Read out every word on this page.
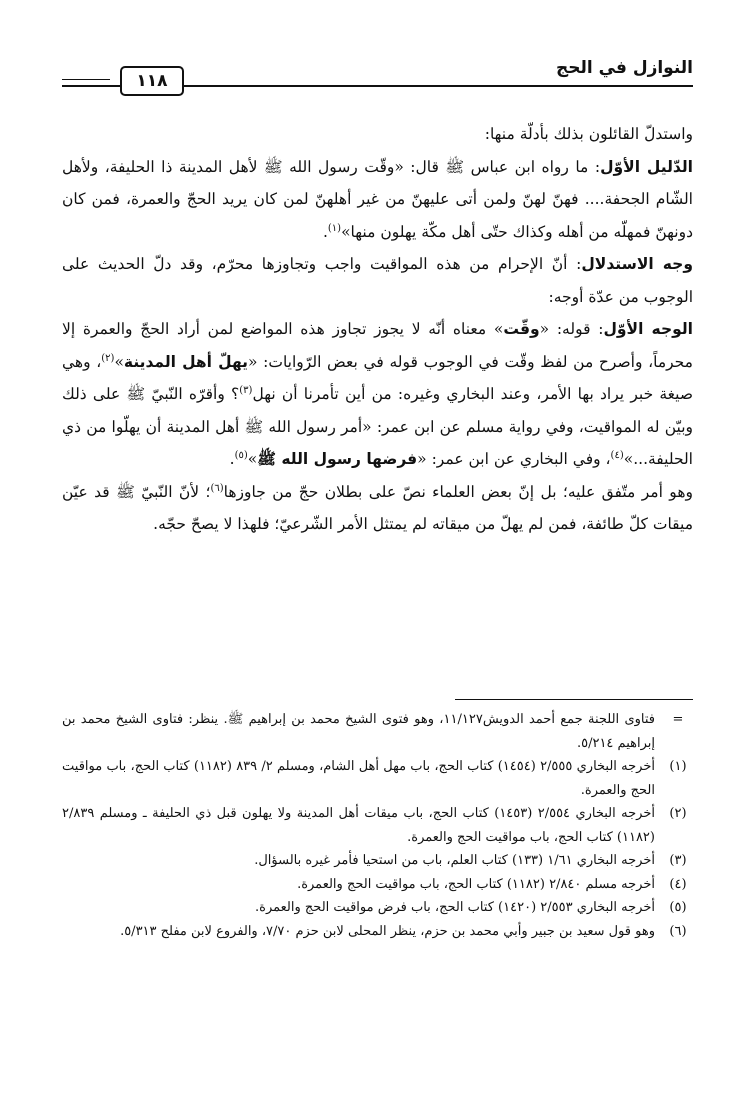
النوازل في الحج
١١٨

واستدلّ القائلون بذلك بأدلّة منها:

الدّليل الأوّل: ما رواه ابن عباس ﷺ قال: «وقّت رسول الله ﷺ لأهل المدينة ذا الحليفة، ولأهل الشّام الجحفة.... فهنّ لهنّ ولمن أتى عليهنّ من غير أهلهنّ لمن كان يريد الحجّ والعمرة، فمن كان دونهنّ فمهلّه من أهله وكذاك حتّى أهل مكّة يهلون منها»$^{(١)}$.

وجه الاستدلال: أنّ الإحرام من هذه المواقيت واجب وتجاوزها محرّم، وقد دلّ الحديث على الوجوب من عدّة أوجه:

الوجه الأوّل: قوله: «وقّت» معناه أنّه لا يجوز تجاوز هذه المواضع لمن أراد الحجّ والعمرة إلا محرماً، وأصرح من لفظ وقّت في الوجوب قوله في بعض الرّوايات: «يهلّ أهل المدينة»$^{(٢)}$، وهي صيغة خبر يراد بها الأمر، وعند البخاري وغيره: من أين تأمرنا أن نهل$^{(٣)}$؟ وأقرّه النّبيّ ﷺ على ذلك وبيّن له المواقيت، وفي رواية مسلم عن ابن عمر: «أمر رسول الله ﷺ أهل المدينة أن يهلّوا من ذي الحليفة...»$^{(٤)}$، وفي البخاري عن ابن عمر: «فرضها رسول الله ﷺ»$^{(٥)}$.

وهو أمر متّفق عليه؛ بل إنّ بعض العلماء نصّ على بطلان حجّ من جاوزها$^{(٦)}$؛ لأنّ النّبيّ ﷺ قد عيّن ميقات كلّ طائفة، فمن لم يهلّ من ميقاته لم يمتثل الأمر الشّرعيّ؛ فلهذا لا يصحّ حجّه.

=
فتاوى اللجنة جمع أحمد الدويش١١/١٢٧، وهو فتوى الشيخ محمد بن إبراهيم ﷺ. ينظر: فتاوى الشيخ محمد بن إبراهيم ٥/٢١٤.

(١)
أخرجه البخاري ٢/٥٥٥ (١٤٥٤) كتاب الحج، باب مهل أهل الشام، ومسلم ٢/ ٨٣٩ (١١٨٢) كتاب الحج، باب مواقيت الحج والعمرة.

(٢)
أخرجه البخاري ٢/٥٥٤ (١٤٥٣) كتاب الحج، باب ميقات أهل المدينة ولا يهلون قبل ذي الحليفة ـ ومسلم ٢/٨٣٩ (١١٨٢) كتاب الحج، باب مواقيت الحج والعمرة.

(٣)
أخرجه البخاري ١/٦١ (١٣٣) كتاب العلم، باب من استحيا فأمر غيره بالسؤال.

(٤)
أخرجه مسلم ٢/٨٤٠ (١١٨٢) كتاب الحج، باب مواقيت الحج والعمرة.

(٥)
أخرجه البخاري ٢/٥٥٣ (١٤٢٠) كتاب الحج، باب فرض مواقيت الحج والعمرة.

(٦)
وهو قول سعيد بن جبير وأبي محمد بن حزم، ينظر المحلى لابن حزم ٧/٧٠، والفروع لابن مفلح ٥/٣١٣.
